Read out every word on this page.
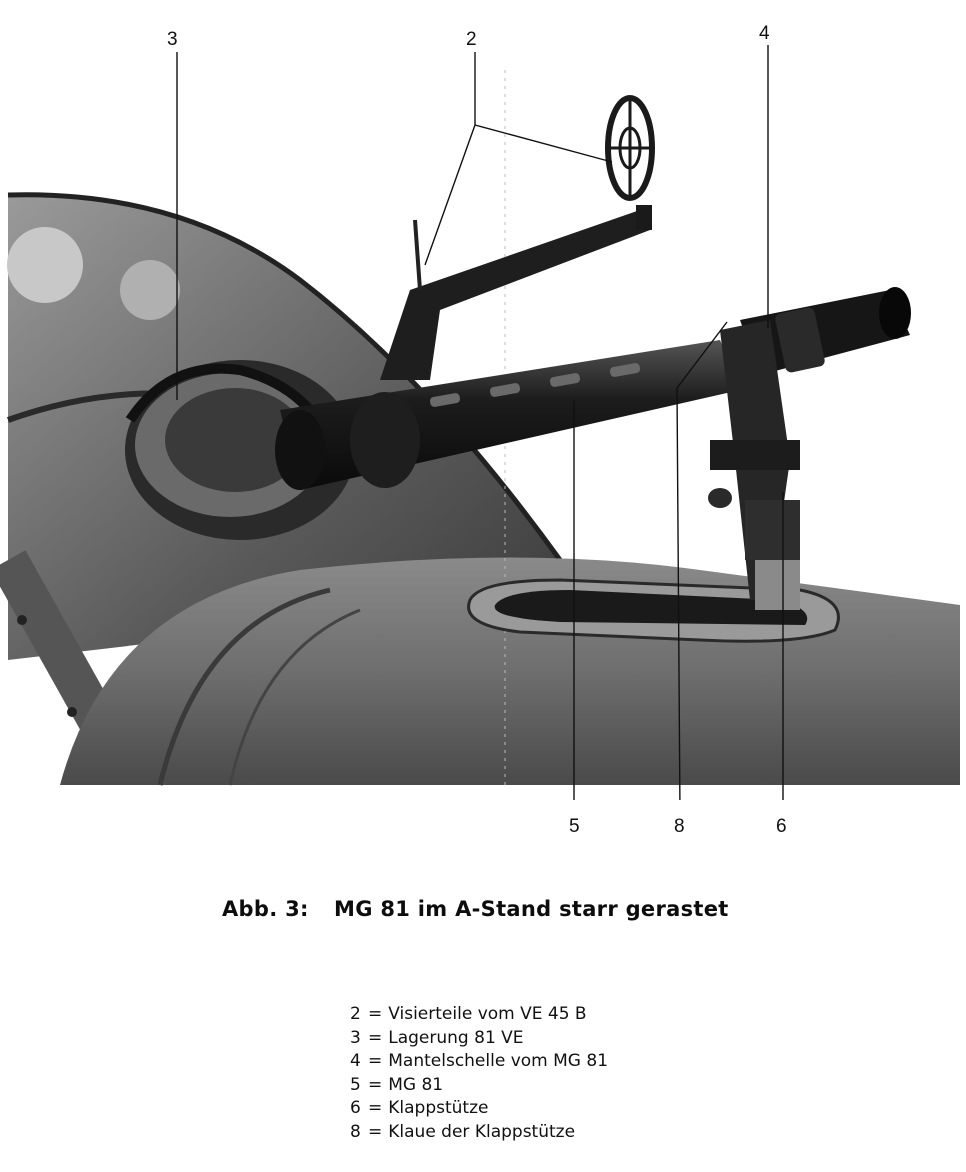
3	2	4
5	8	6
Abb. 3: MG 81 im A-Stand starr gerastet
2 = Visierteile vom VE 45 B
3 = Lagerung 81 VE
4 = Mantelschelle vom MG 81
5 = MG 81
6 = Klappstütze
8 = Klaue der Klappstütze
